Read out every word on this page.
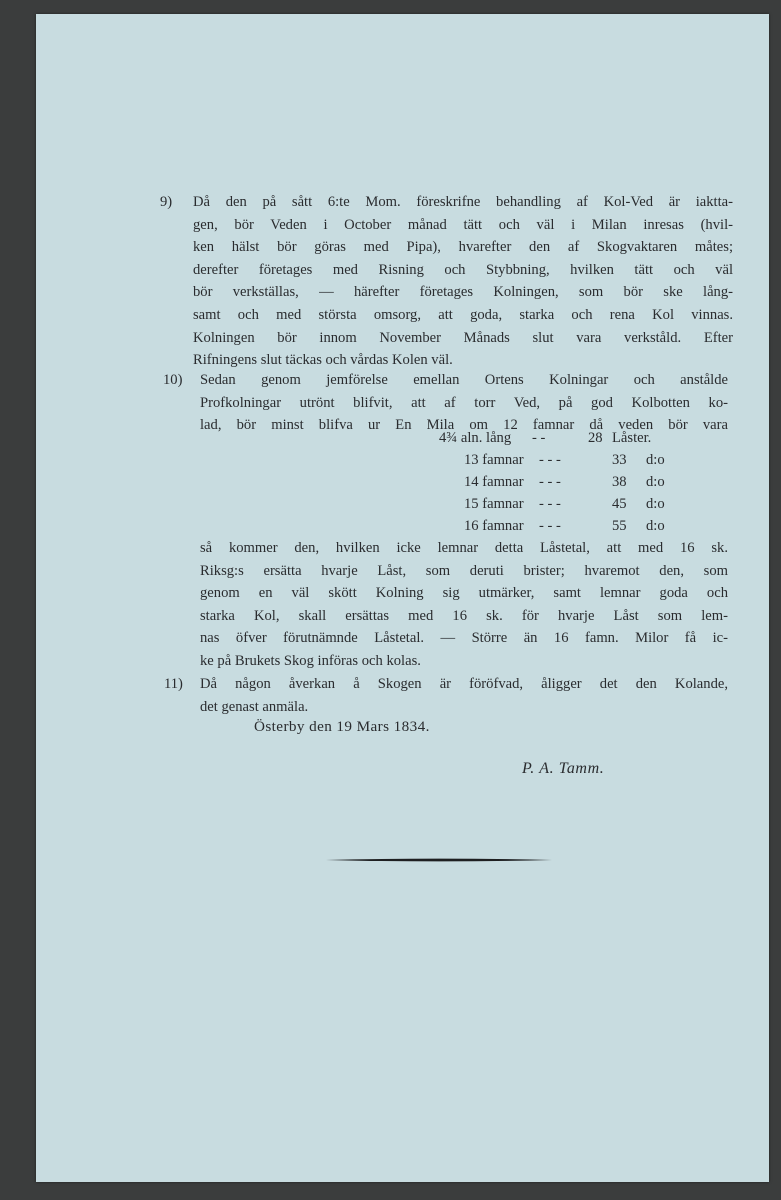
9) Då den på sått 6:te Mom. föreskrifne behandling af Kol-Ved är iaktta-
gen, bör Veden i October månad tätt och väl i Milan inresas (hvil-
ken hälst bör göras med Pipa), hvarefter den af Skogvaktaren måtes;
derefter företages med Risning och Stybbning, hvilken tätt och väl
bör verkställas, — härefter företages Kolningen, som bör ske lång-
samt och med största omsorg, att goda, starka och rena Kol vinnas.
Kolningen bör innom November Månads slut vara verkståld. Efter
Rifningens slut täckas och vårdas Kolen väl.
10) Sedan genom jemförelse emellan Ortens Kolningar och anstålde
Profkolningar utrönt blifvit, att af torr Ved, på god Kolbotten ko-
lad, bör minst blifva ur En Mila om 12 famnar då veden bör vara
4¾ aln. lång - -	28 Låster.
13 famnar - - -	33 d:o
14 famnar - - -	38 d:o
15 famnar - - -	45 d:o
16 famnar - - -	55 d:o
så kommer den, hvilken icke lemnar detta Låstetal, att med 16 sk.
Riksg:s ersätta hvarje Låst, som deruti brister; hvaremot den, som
genom en väl skött Kolning sig utmärker, samt lemnar goda och
starka Kol, skall ersättas med 16 sk. för hvarje Låst som lem-
nas öfver förutnämnde Låstetal. — Större än 16 famn. Milor få ic-
ke på Brukets Skog införas och kolas.
11) Då någon åverkan å Skogen är föröfvad, åligger det den Kolande,
det genast anmäla.
Österby den 19 Mars 1834.
P. A. Tamm.
